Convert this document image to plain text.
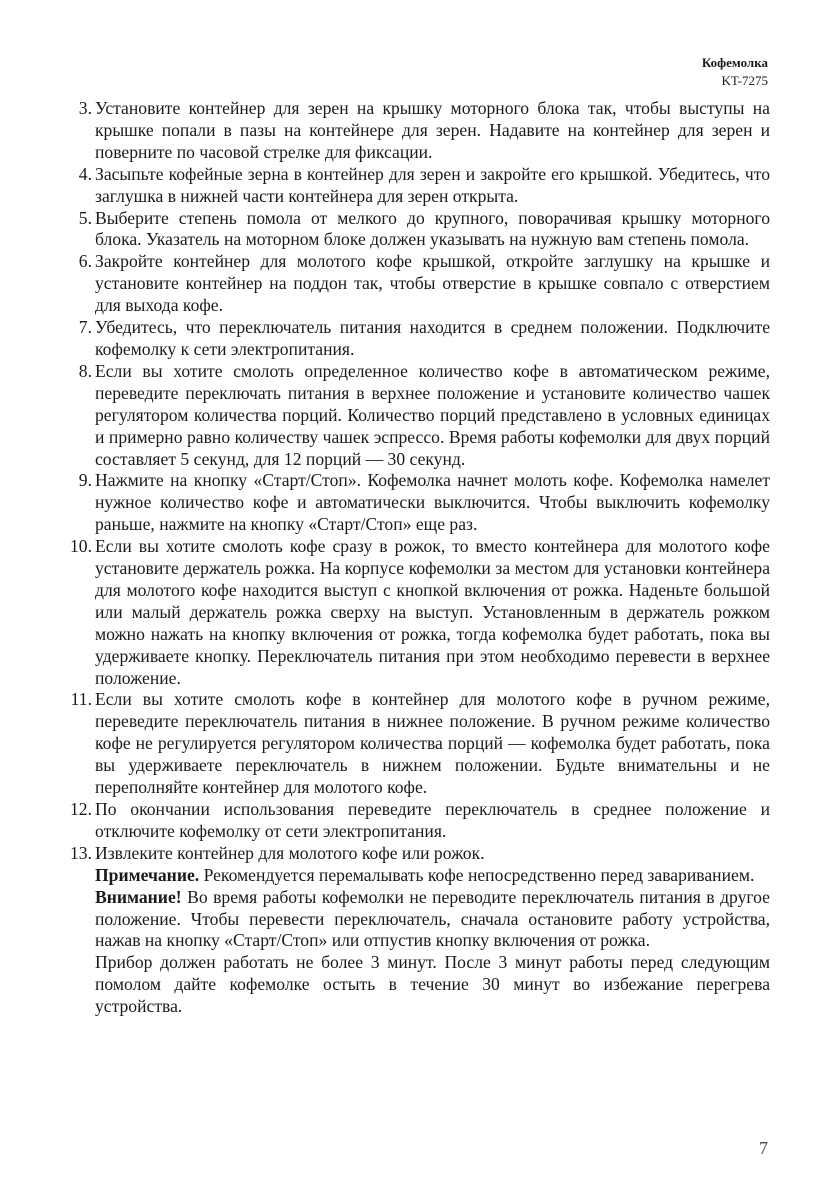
Кофемолка
KT-7275
3. Установите контейнер для зерен на крышку моторного блока так, чтобы выступы на крышке попали в пазы на контейнере для зерен. Надавите на контейнер для зерен и поверните по часовой стрелке для фиксации.
4. Засыпьте кофейные зерна в контейнер для зерен и закройте его крышкой. Убедитесь, что заглушка в нижней части контейнера для зерен открыта.
5. Выберите степень помола от мелкого до крупного, поворачивая крышку моторного блока. Указатель на моторном блоке должен указывать на нужную вам степень помола.
6. Закройте контейнер для молотого кофе крышкой, откройте заглушку на крышке и установите контейнер на поддон так, чтобы отверстие в крышке совпало с отверстием для выхода кофе.
7. Убедитесь, что переключатель питания находится в среднем положении. Подключите кофемолку к сети электропитания.
8. Если вы хотите смолоть определенное количество кофе в автоматическом режиме, переведите переключать питания в верхнее положение и установите количество чашек регулятором количества порций. Количество порций представлено в условных единицах и примерно равно количеству чашек эспрессо. Время работы кофемолки для двух порций составляет 5 секунд, для 12 порций — 30 секунд.
9. Нажмите на кнопку «Старт/Стоп». Кофемолка начнет молоть кофе. Кофемолка намелет нужное количество кофе и автоматически выключится. Чтобы выключить кофемолку раньше, нажмите на кнопку «Старт/Стоп» еще раз.
10. Если вы хотите смолоть кофе сразу в рожок, то вместо контейнера для молотого кофе установите держатель рожка. На корпусе кофемолки за местом для установки контейнера для молотого кофе находится выступ с кнопкой включения от рожка. Наденьте большой или малый держатель рожка сверху на выступ. Установленным в держатель рожком можно нажать на кнопку включения от рожка, тогда кофемолка будет работать, пока вы удерживаете кнопку. Переключатель питания при этом необходимо перевести в верхнее положение.
11. Если вы хотите смолоть кофе в контейнер для молотого кофе в ручном режиме, переведите переключатель питания в нижнее положение. В ручном режиме количество кофе не регулируется регулятором количества порций — кофемолка будет работать, пока вы удерживаете переключатель в нижнем положении. Будьте внимательны и не переполняйте контейнер для молотого кофе.
12. По окончании использования переведите переключатель в среднее положение и отключите кофемолку от сети электропитания.
13. Извлеките контейнер для молотого кофе или рожок.

Примечание. Рекомендуется перемалывать кофе непосредственно перед завариванием.

Внимание! Во время работы кофемолки не переводите переключатель питания в другое положение. Чтобы перевести переключатель, сначала остановите работу устройства, нажав на кнопку «Старт/Стоп» или отпустив кнопку включения от рожка.

Прибор должен работать не более 3 минут. После 3 минут работы перед следующим помолом дайте кофемолке остыть в течение 30 минут во избежание перегрева устройства.

7
